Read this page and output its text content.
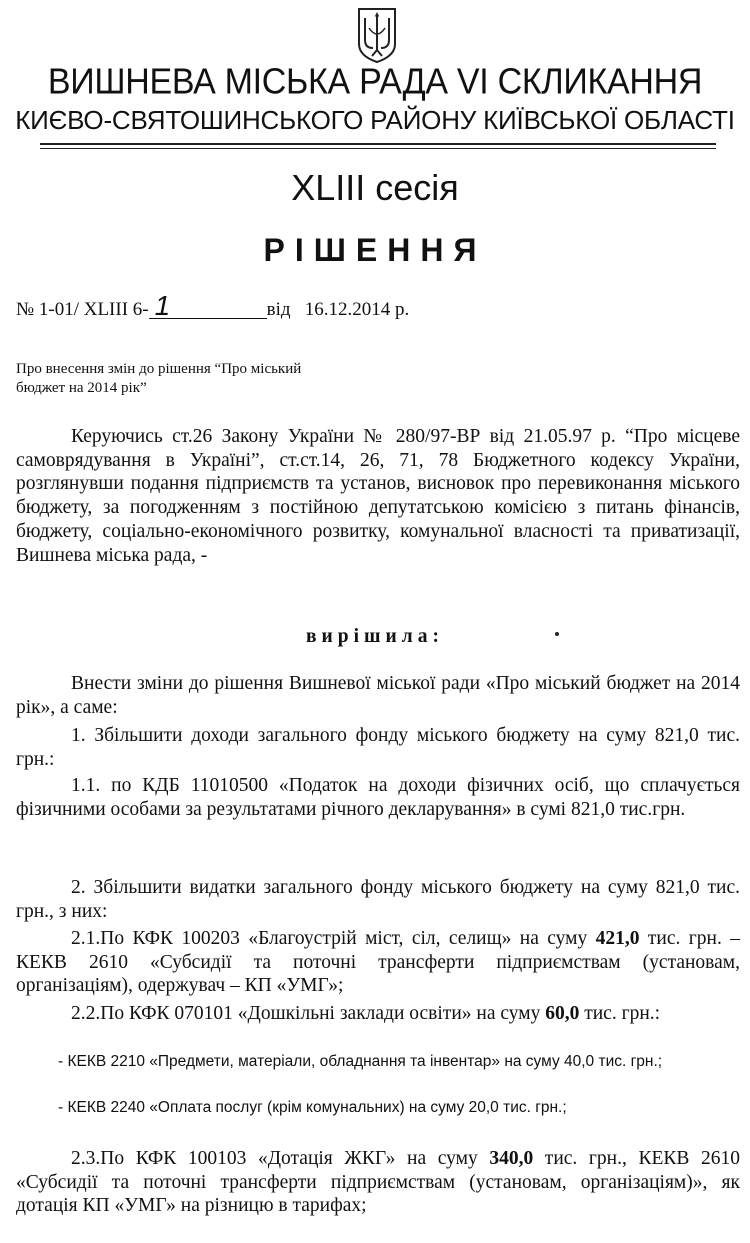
ВИШНЕВА МІСЬКА РАДА VI СКЛИКАННЯ
КИЄВО-СВЯТОШИНСЬКОГО РАЙОНУ КИЇВСЬКОЇ ОБЛАСТІ
XLIII сесія
РІШЕННЯ
№ 1-01/ XLIII 6- 1	від 16.12.2014 р.
Про внесення змін до рішення “Про міський
бюджет на 2014 рік”
Керуючись ст.26 Закону України № 280/97-ВР від 21.05.97 р. “Про місцеве самоврядування в Україні”, ст.ст.14, 26, 71, 78 Бюджетного кодексу України, розглянувши подання підприємств та установ, висновок про перевиконання міського бюджету, за погодженням з постійною депутатською комісією з питань фінансів, бюджету, соціально-економічного розвитку, комунальної власності та приватизації, Вишнева міська рада, -
вирішила:
Внести зміни до рішення Вишневої міської ради «Про міський бюджет на 2014 рік», а саме:
1. Збільшити доходи загального фонду міського бюджету на суму 821,0 тис. грн.:
1.1. по КДБ 11010500 «Податок на доходи фізичних осіб, що сплачується фізичними особами за результатами річного декларування» в сумі 821,0 тис.грн.
2. Збільшити видатки загального фонду міського бюджету на суму 821,0 тис. грн., з них:
2.1.По КФК 100203 «Благоустрій міст, сіл, селищ» на суму 421,0 тис. грн. – КЕКВ 2610 «Субсидії та поточні трансферти підприємствам (установам, організаціям), одержувач – КП «УМГ»;
2.2.По КФК 070101 «Дошкільні заклади освіти» на суму 60,0 тис. грн.:
- КЕКВ 2210 «Предмети, матеріали, обладнання та інвентар» на суму 40,0 тис. грн.;
- КЕКВ 2240 «Оплата послуг (крім комунальних) на суму 20,0 тис. грн.;
2.3.По КФК 100103 «Дотація ЖКГ» на суму 340,0 тис. грн., КЕКВ 2610 «Субсидії та поточні трансферти підприємствам (установам, організаціям)», як дотація КП «УМГ» на різницю в тарифах;
